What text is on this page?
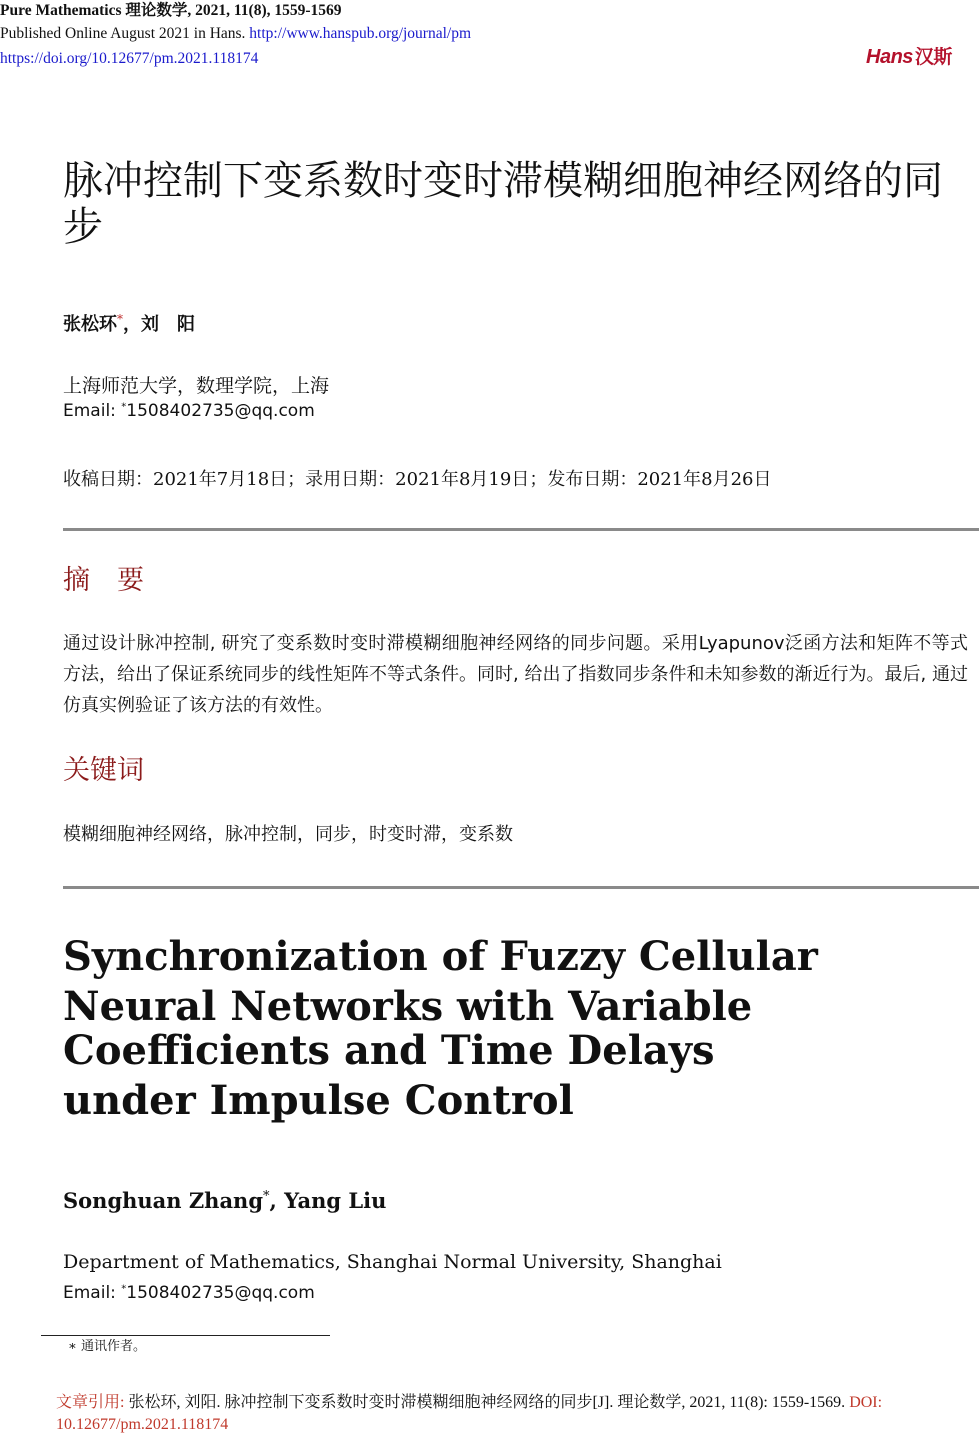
Pure Mathematics 理论数学, 2021, 11(8), 1559-1569
Published Online August 2021 in Hans. http://www.hanspub.org/journal/pm
https://doi.org/10.12677/pm.2021.118174	Hans 汉斯
脉冲控制下变系数时变时滞模糊细胞神经网络的同步
张松环*，刘　阳
上海师范大学，数理学院，上海
Email: *1508402735@qq.com
收稿日期：2021年7月18日；录用日期：2021年8月19日；发布日期：2021年8月26日
摘　要
通过设计脉冲控制, 研究了变系数时变时滞模糊细胞神经网络的同步问题。采用Lyapunov泛函方法和矩阵不等式方法，给出了保证系统同步的线性矩阵不等式条件。同时, 给出了指数同步条件和未知参数的渐近行为。最后, 通过仿真实例验证了该方法的有效性。
关键词
模糊细胞神经网络，脉冲控制，同步，时变时滞，变系数
Synchronization of Fuzzy Cellular
Neural Networks with Variable
Coefficients and Time Delays
under Impulse Control
Songhuan Zhang*, Yang Liu
Department of Mathematics, Shanghai Normal University, Shanghai
Email: *1508402735@qq.com
∗ 通讯作者。
文章引用: 张松环, 刘阳. 脉冲控制下变系数时变时滞模糊细胞神经网络的同步[J]. 理论数学, 2021, 11(8): 1559-1569. DOI: 10.12677/pm.2021.118174
